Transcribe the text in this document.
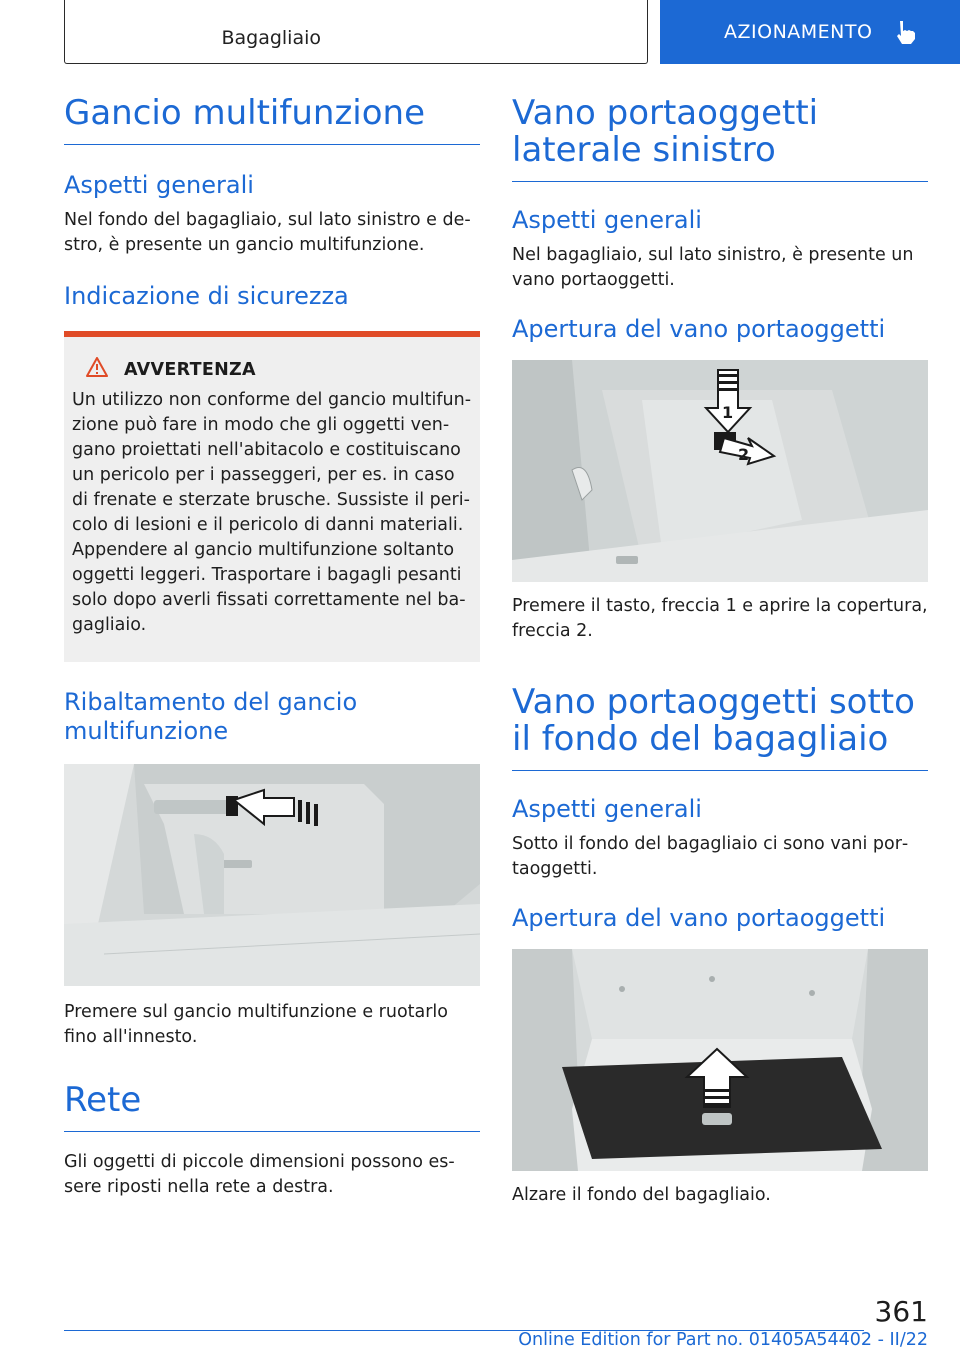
Bagagliaio	AZIONAMENTO
Gancio multifunzione
Aspetti generali

Nel fondo del bagagliaio, sul lato sinistro e destro, è presente un gancio multifunzione.

Indicazione di sicurezza
AVVERTENZA

Un utilizzo non conforme del gancio multifunzione può fare in modo che gli oggetti vengano proiettati nell'abitacolo e costituiscano un pericolo per i passeggeri, per es. in caso di frenate e sterzate brusche. Sussiste il pericolo di lesioni e il pericolo di danni materiali. Appendere al gancio multifunzione soltanto oggetti leggeri. Trasportare i bagagli pesanti solo dopo averli fissati correttamente nel bagagliaio.

Ribaltamento del gancio multifunzione

Premere sul gancio multifunzione e ruotarlo fino all'innesto.

Rete

Gli oggetti di piccole dimensioni possono essere riposti nella rete a destra.

Vano portaoggetti laterale sinistro
Aspetti generali

Nel bagagliaio, sul lato sinistro, è presente un vano portaoggetti.

Apertura del vano portaoggetti
1
2

Premere il tasto, freccia 1 e aprire la copertura, freccia 2.

Vano portaoggetti sotto il fondo del bagagliaio
Aspetti generali

Sotto il fondo del bagagliaio ci sono vani portaoggetti.

Apertura del vano portaoggetti

Alzare il fondo del bagagliaio.

361
Online Edition for Part no. 01405A54402 - II/22
